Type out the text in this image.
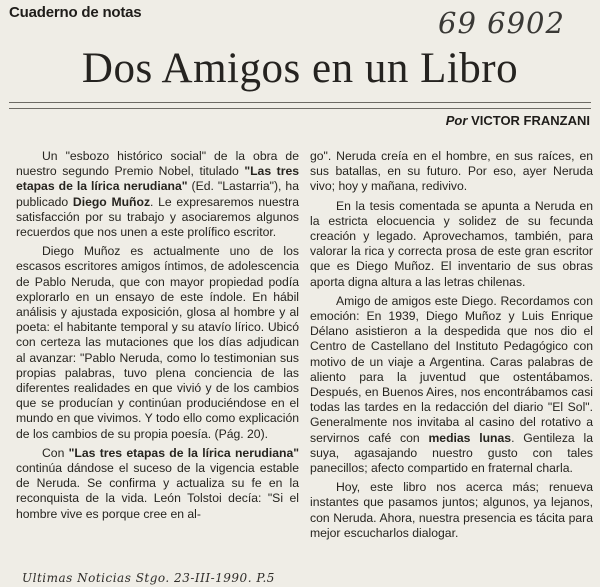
Cuaderno de notas	69 6902
Dos Amigos en un Libro
Por VICTOR FRANZANI

Un "esbozo histórico social" de la obra de nuestro segundo Premio Nobel, titulado "Las tres etapas de la lírica nerudiana" (Ed. "Lastarria"), ha publicado Diego Muñoz. Le expresaremos nuestra satisfacción por su trabajo y asociaremos algunos recuerdos que nos unen a este prolífico escritor.

Diego Muñoz es actualmente uno de los escasos escritores amigos íntimos, de adolescencia de Pablo Neruda, que con mayor propiedad podía explorarlo en un ensayo de este índole. En hábil análisis y ajustada exposición, glosa al hombre y al poeta: el habitante temporal y su atavío lírico. Ubicó con certeza las mutaciones que los días adjudican al avanzar: "Pablo Neruda, como lo testimonian sus propias palabras, tuvo plena conciencia de las diferentes realidades en que vivió y de los cambios que se producían y continúan produciéndose en el mundo en que vivimos. Y todo ello como explicación de los cambios de su propia poesía. (Pág. 20).

Con "Las tres etapas de la lírica nerudiana" continúa dándose el suceso de la vigencia estable de Neruda. Se confirma y actualiza su fe en la reconquista de la vida. León Tolstoi decía: "Si el hombre vive es porque cree en al-

go". Neruda creía en el hombre, en sus raíces, en sus batallas, en su futuro. Por eso, ayer Neruda vivo; hoy y mañana, redivivo.

En la tesis comentada se apunta a Neruda en la estricta elocuencia y solidez de su fecunda creación y legado. Aprovechamos, también, para valorar la rica y correcta prosa de este gran escritor que es Diego Muñoz. El inventario de sus obras aporta digna altura a las letras chilenas.

Amigo de amigos este Diego. Recordamos con emoción: En 1939, Diego Muñoz y Luis Enrique Délano asistieron a la despedida que nos dio el Centro de Castellano del Instituto Pedagógico con motivo de un viaje a Argentina. Caras palabras de aliento para la juventud que ostentábamos. Después, en Buenos Aires, nos encontrábamos casi todas las tardes en la redacción del diario "El Sol". Generalmente nos invitaba al casino del rotativo a servirnos café con medias lunas. Gentileza la suya, agasajando nuestro gusto con tales panecillos; afecto compartido en fraternal charla.

Hoy, este libro nos acerca más; renueva instantes que pasamos juntos; algunos, ya lejanos, con Neruda. Ahora, nuestra presencia es tácita para mejor escucharlos dialogar.

Ultimas Noticias Stgo. 23-III-1990. P.5
